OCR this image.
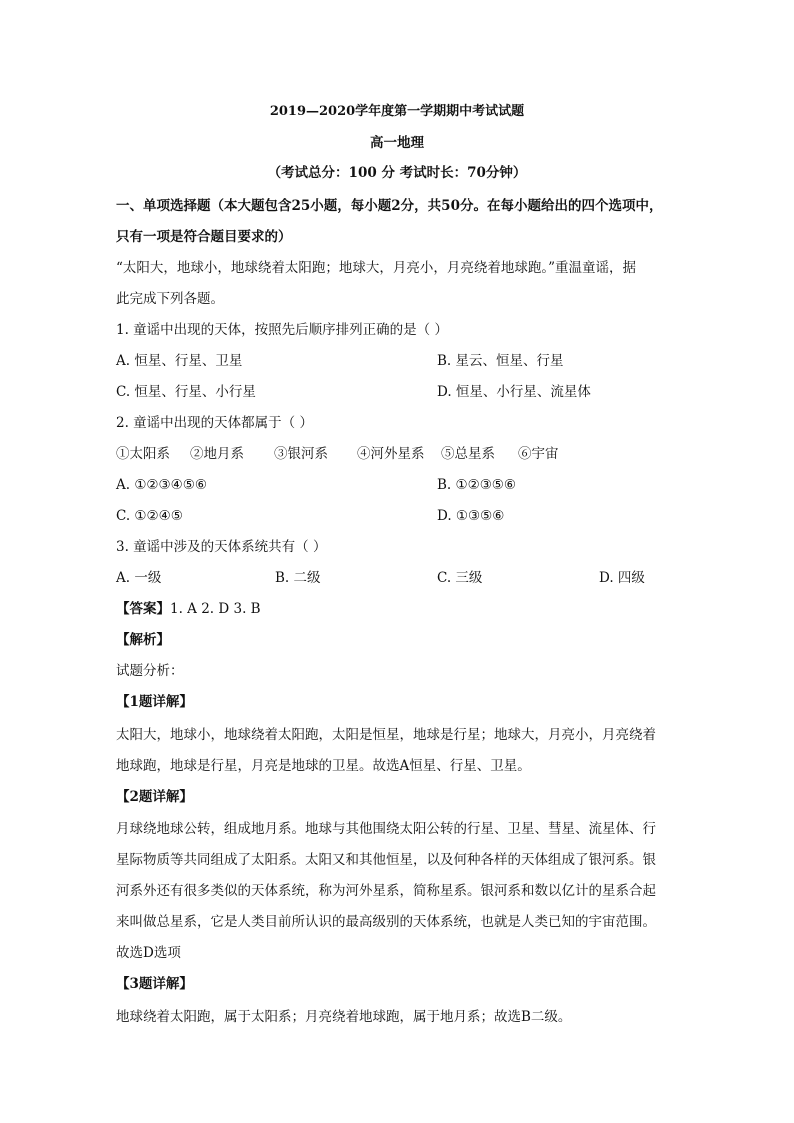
2019—2020学年度第一学期期中考试试题
高一地理
（考试总分：100 分 考试时长：70分钟）
一、单项选择题（本大题包含25小题，每小题2分，共50分。在每小题给出的四个选项中，
只有一项是符合题目要求的）
“太阳大，地球小，地球绕着太阳跑；地球大，月亮小，月亮绕着地球跑。”重温童谣，据
此完成下列各题。
1. 童谣中出现的天体，按照先后顺序排列正确的是（ ）
A. 恒星、行星、卫星	B. 星云、恒星、行星
C. 恒星、行星、小行星	D. 恒星、小行星、流星体
2. 童谣中出现的天体都属于（ ）
①太阳系 ②地月系 ③银河系 ④河外星系 ⑤总星系 ⑥宇宙
A. ①②③④⑤⑥	B. ①②③⑤⑥
C. ①②④⑤	D. ①③⑤⑥
3. 童谣中涉及的天体系统共有（ ）
A. 一级	B. 二级	C. 三级	D. 四级
【答案】1. A 2. D 3. B
【解析】
试题分析：
【1题详解】
太阳大，地球小，地球绕着太阳跑，太阳是恒星，地球是行星；地球大，月亮小，月亮绕着
地球跑，地球是行星，月亮是地球的卫星。故选A恒星、行星、卫星。
【2题详解】
月球绕地球公转，组成地月系。地球与其他围绕太阳公转的行星、卫星、彗星、流星体、行
星际物质等共同组成了太阳系。太阳又和其他恒星，以及何种各样的天体组成了银河系。银
河系外还有很多类似的天体系统，称为河外星系，简称星系。银河系和数以亿计的星系合起
来叫做总星系，它是人类目前所认识的最高级别的天体系统，也就是人类已知的宇宙范围。
故选D选项
【3题详解】
地球绕着太阳跑，属于太阳系；月亮绕着地球跑，属于地月系；故选B二级。
